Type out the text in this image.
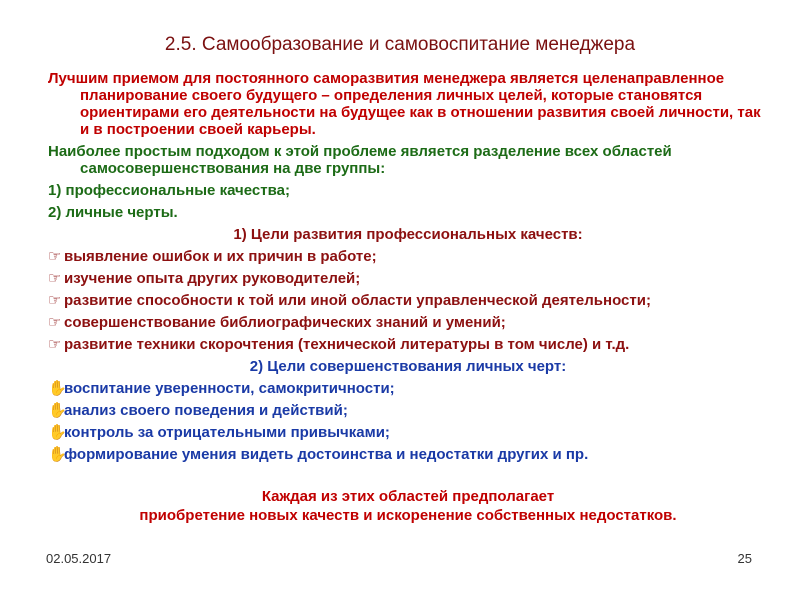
2.5. Самообразование и самовоспитание менеджера

Лучшим приемом для постоянного саморазвития менеджера является целенаправленное планирование своего будущего – определения личных целей, которые становятся ориентирами его деятельности на будущее как в отношении развития своей личности, так и в построении своей карьеры.

Наиболее простым подходом к этой проблеме является разделение всех областей самосовершенствования на две группы:

1) профессиональные качества;

2) личные черты.

1) Цели развития профессиональных качеств:

☞ выявление ошибок и их причин в работе;

☞ изучение опыта других руководителей;

☞ развитие способности к той или иной области управленческой деятельности;

☞ совершенствование библиографических знаний и умений;

☞ развитие техники скорочтения (технической литературы в том числе) и т.д.

2) Цели совершенствования личных черт:

✋воспитание уверенности, самокритичности;

✋анализ своего поведения и действий;

✋контроль за отрицательными привычками;

✋формирование умения видеть достоинства и недостатки других и пр.

Каждая из этих областей предполагает

приобретение новых качеств и искоренение собственных недостатков.

02.05.2017	25
